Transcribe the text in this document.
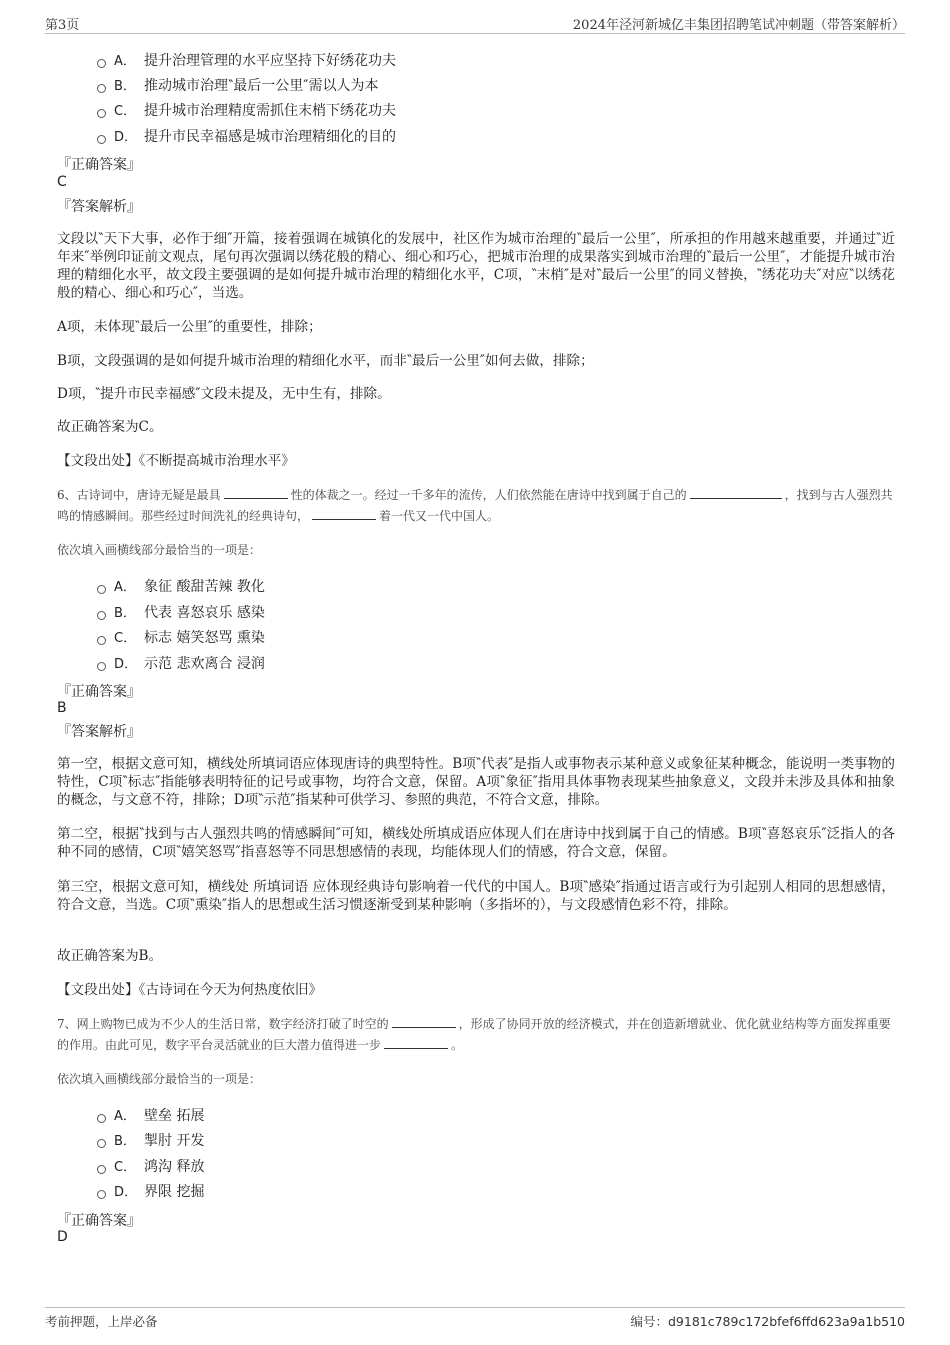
第3页	2024年泾河新城亿丰集团招聘笔试冲刺题（带答案解析）
A． 提升治理管理的水平应坚持下好绣花功夫
B． 推动城市治理‶最后一公里″需以人为本
C． 提升城市治理精度需抓住末梢下绣花功夫
D． 提升市民幸福感是城市治理精细化的目的
『正确答案』
C
『答案解析』
文段以‶天下大事，必作于细″开篇，接着强调在城镇化的发展中，社区作为城市治理的‶最后一公里″，所承担的作用越来越重要，并通过‶近年来″举例印证前文观点，尾句再次强调以绣花般的精心、细心和巧心，把城市治理的成果落实到城市治理的‶最后一公里″，才能提升城市治理的精细化水平，故文段主要强调的是如何提升城市治理的精细化水平，C项，‶末梢″是对‶最后一公里″的同义替换，‶绣花功夫″对应‶以绣花般的精心、细心和巧心″，当选。
A项，未体现‶最后一公里″的重要性，排除；
B项，文段强调的是如何提升城市治理的精细化水平，而非‶最后一公里″如何去做，排除；
D项，‶提升市民幸福感″文段未提及，无中生有，排除。
故正确答案为C。
【文段出处】《不断提高城市治理水平》
6、古诗词中，唐诗无疑是最具	性的体裁之一。经过一千多年的流传，人们依然能在唐诗中找到属于自己的	，找到与古人强烈共鸣的情感瞬间。那些经过时间洗礼的经典诗句，	着一代又一代中国人。
依次填入画横线部分最恰当的一项是：
A． 象征 酸甜苦辣 教化
B． 代表 喜怒哀乐 感染
C． 标志 嬉笑怒骂 熏染
D． 示范 悲欢离合 浸润
『正确答案』
B
『答案解析』
第一空，根据文意可知，横线处所填词语应体现唐诗的典型特性。B项‶代表″是指人或事物表示某种意义或象征某种概念，能说明一类事物的特性，C项‶标志″指能够表明特征的记号或事物，均符合文意，保留。A项‶象征″指用具体事物表现某些抽象意义，文段并未涉及具体和抽象的概念，与文意不符，排除；D项‶示范″指某种可供学习、参照的典范，不符合文意，排除。
第二空，根据‶找到与古人强烈共鸣的情感瞬间″可知，横线处所填成语应体现人们在唐诗中找到属于自己的情感。B项‶喜怒哀乐″泛指人的各种不同的感情，C项‶嬉笑怒骂″指喜怒等不同思想感情的表现，均能体现人们的情感，符合文意，保留。
第三空，根据文意可知，横线处 所填词语 应体现经典诗句影响着一代代的中国人。B项‶感染″指通过语言或行为引起别人相同的思想感情，符合文意，当选。C项‶熏染″指人的思想或生活习惯逐渐受到某种影响（多指坏的），与文段感情色彩不符，排除。
故正确答案为B。
【文段出处】《古诗词在今天为何热度依旧》
7、网上购物已成为不少人的生活日常，数字经济打破了时空的	，形成了协同开放的经济模式，并在创造新增就业、优化就业结构等方面发挥重要的作用。由此可见，数字平台灵活就业的巨大潜力值得进一步	。
依次填入画横线部分最恰当的一项是：
A． 壁垒 拓展
B． 掣肘 开发
C． 鸿沟 释放
D． 界限 挖掘
『正确答案』
D
考前押题，上岸必备	编号：d9181c789c172bfef6ffd623a9a1b510
